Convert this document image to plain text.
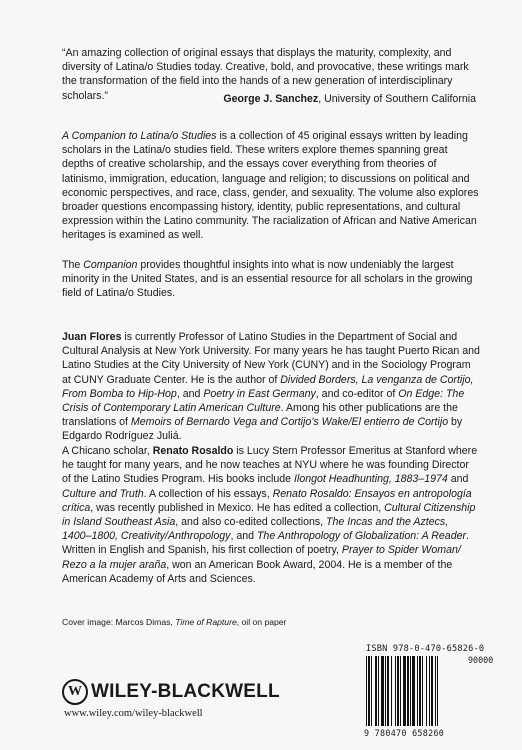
“An amazing collection of original essays that displays the maturity, complexity, and diversity of Latina/o Studies today. Creative, bold, and provocative, these writings mark the transformation of the field into the hands of a new generation of interdisciplinary scholars.”	George J. Sanchez, University of Southern California

A Companion to Latina/o Studies is a collection of 45 original essays written by leading scholars in the Latina/o studies field. These writers explore themes spanning great depths of creative scholarship, and the essays cover everything from theories of latinismo, immigration, education, language and religion; to discussions on political and economic perspectives, and race, class, gender, and sexuality. The volume also explores broader questions encompassing history, identity, public representations, and cultural expression within the Latino community. The racialization of African and Native American heritages is examined as well.

The Companion provides thoughtful insights into what is now undeniably the largest minority in the United States, and is an essential resource for all scholars in the growing field of Latina/o Studies.

Juan Flores is currently Professor of Latino Studies in the Department of Social and Cultural Analysis at New York University. For many years he has taught Puerto Rican and Latino Studies at the City University of New York (CUNY) and in the Sociology Program at CUNY Graduate Center. He is the author of Divided Borders, La venganza de Cortijo, From Bomba to Hip-Hop, and Poetry in East Germany, and co-editor of On Edge: The Crisis of Contemporary Latin American Culture. Among his other publications are the translations of Memoirs of Bernardo Vega and Cortijo’s Wake/El entierro de Cortijo by Edgardo Rodríguez Juliá.

A Chicano scholar, Renato Rosaldo is Lucy Stern Professor Emeritus at Stanford where he taught for many years, and he now teaches at NYU where he was founding Director of the Latino Studies Program. His books include Ilongot Headhunting, 1883–1974 and Culture and Truth. A collection of his essays, Renato Rosaldo: Ensayos en antropología crítica, was recently published in Mexico. He has edited a collection, Cultural Citizenship in Island Southeast Asia, and also co-edited collections, The Incas and the Aztecs, 1400–1800, Creativity/Anthropology, and The Anthropology of Globalization: A Reader. Written in English and Spanish, his first collection of poetry, Prayer to Spider Woman/ Rezo a la mujer araña, won an American Book Award, 2004. He is a member of the American Academy of Arts and Sciences.

Cover image: Marcos Dimas, Time of Rapture, oil on paper

W WILEY-BLACKWELL
www.wiley.com/wiley-blackwell
ISBN 978-0-470-65826-0
90000
9 780470 658260
